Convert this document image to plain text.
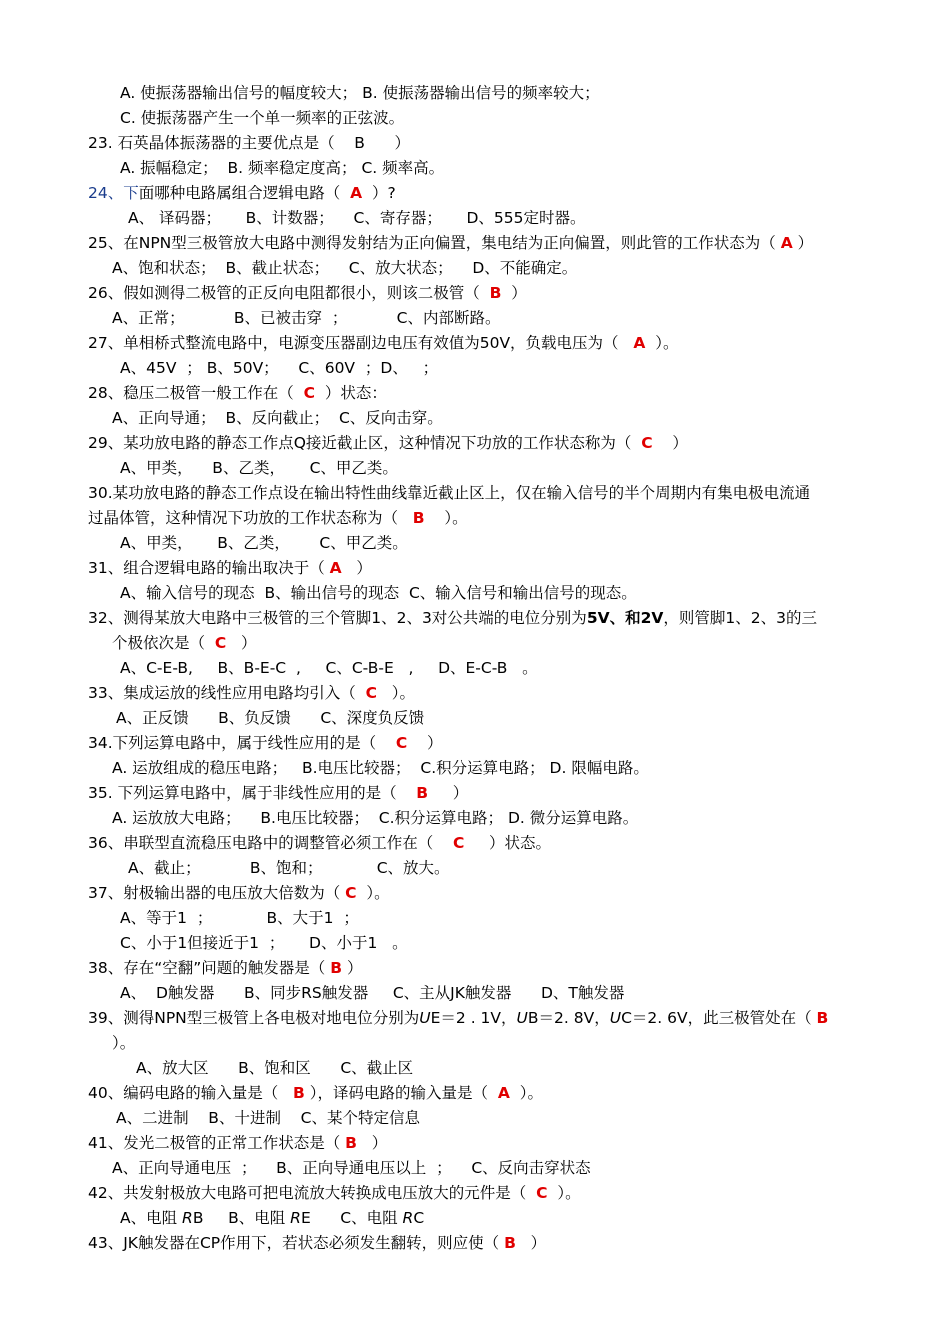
A. 使振荡器输出信号的幅度较大； B. 使振荡器输出信号的频率较大；
C. 使振荡器产生一个单一频率的正弦波。
23. 石英晶体振荡器的主要优点是（    B      ）
A. 振幅稳定；  B. 频率稳定度高； C. 频率高。
24、下面哪种电路属组合逻辑电路（  A  ）?
A、 译码器；     B、计数器；    C、寄存器；     D、555定时器。
25、在NPN型三极管放大电路中测得发射结为正向偏置，集电结为正向偏置，则此管的工作状态为（ A ）
A、饱和状态；  B、截止状态；    C、放大状态；    D、不能确定。
26、假如测得二极管的正反向电阻都很小，则该二极管（  B  ）
A、正常；          B、已被击穿  ；          C、内部断路。
27、单相桥式整流电路中，电源变压器副边电压有效值为50V，负载电压为（   A  ）。
A、45V  ； B、50V；    C、60V  ；D、   ；
28、稳压二极管一般工作在（  C  ）状态：
A、正向导通；  B、反向截止；  C、反向击穿。
29、某功放电路的静态工作点Q接近截止区，这种情况下功放的工作状态称为（  C    ）
A、甲类，    B、乙类，     C、甲乙类。
30.某功放电路的静态工作点设在输出特性曲线靠近截止区上，仅在输入信号的半个周期内有集电极电流通
过晶体管，这种情况下功放的工作状态称为（   B    ）。
A、甲类，     B、乙类，      C、甲乙类。
31、组合逻辑电路的输出取决于（ A   ）
A、输入信号的现态  B、输出信号的现态  C、输入信号和输出信号的现态。
32、测得某放大电路中三极管的三个管脚1、2、3对公共端的电位分别为5V、和2V，则管脚1、2、3的三
个极依次是（  C   ）
A、C-E-B,     B、B-E-C  ,     C、C-B-E   ,     D、E-C-B   。
33、集成运放的线性应用电路均引入（  C   ）。
A、正反馈      B、负反馈      C、深度负反馈
34.下列运算电路中，属于线性应用的是（    C    ）
A. 运放组成的稳压电路；   B.电压比较器；  C.积分运算电路； D. 限幅电路。
35. 下列运算电路中，属于非线性应用的是（    B     ）
A. 运放放大电路；    B.电压比较器；  C.积分运算电路； D. 微分运算电路。
36、串联型直流稳压电路中的调整管必须工作在（    C     ）状态。
A、截止；          B、饱和；           C、放大。
37、射极输出器的电压放大倍数为（ C  ）。
A、等于1  ；           B、大于1  ；
C、小于1但接近于1  ；     D、小于1   。
38、存在“空翻”问题的触发器是（ B ）
A、  D触发器      B、同步RS触发器     C、主从JK触发器      D、T触发器
39、测得NPN型三极管上各电极对地电位分别为UE＝2 . 1V，UB＝2. 8V，UC＝2. 6V，此三极管处在（ B
）。
A、放大区      B、饱和区      C、截止区
40、编码电路的输入量是（   B ），译码电路的输入量是（  A  ）。
A、二进制    B、十进制    C、某个特定信息
41、发光二极管的正常工作状态是（ B   ）
A、正向导通电压  ；    B、正向导通电压以上  ；    C、反向击穿状态
42、共发射极放大电路可把电流放大转换成电压放大的元件是（  C  ）。
A、电阻 RB     B、电阻 RE      C、电阻 RC
43、JK触发器在CP作用下，若状态必须发生翻转，则应使（ B   ）
